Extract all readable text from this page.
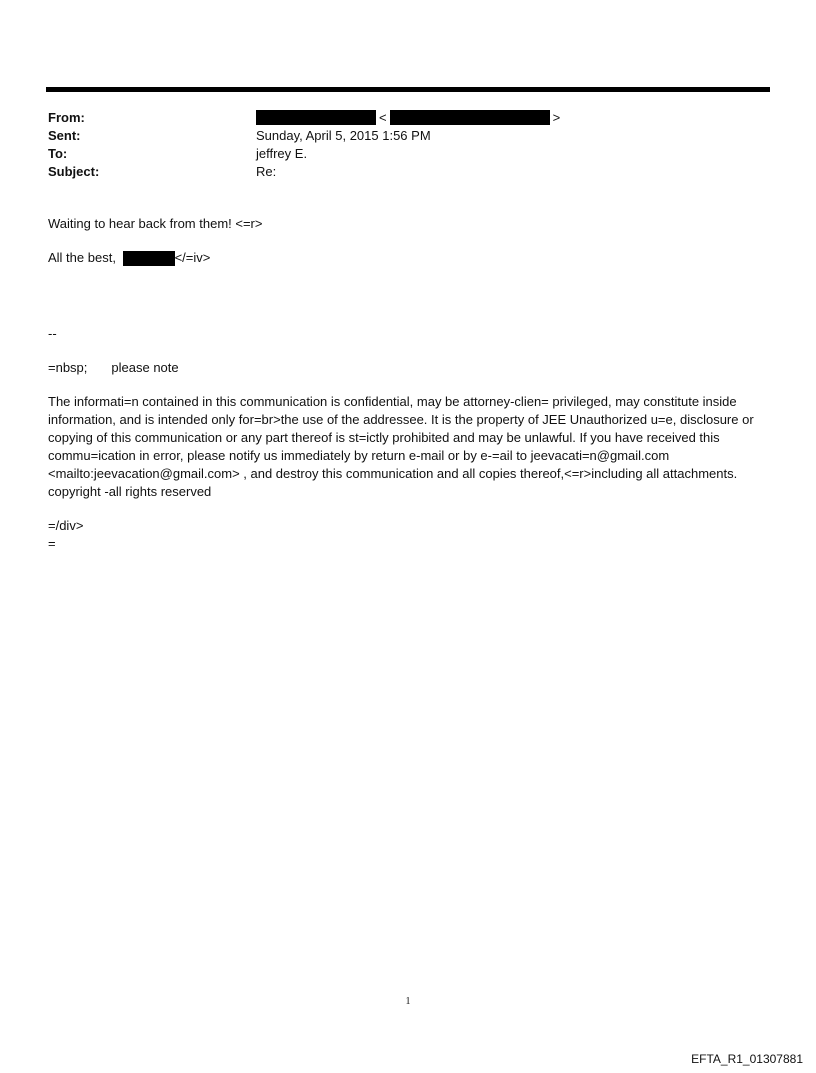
From:	<	>
Sent:	Sunday, April 5, 2015 1:56 PM
To:	jeffrey E.
Subject:	Re:

Waiting to hear back from them! <=r>

All the best,	</=iv>

--

=nbsp; please note

The informati=n contained in this communication is confidential, may be attorney-clien= privileged, may constitute inside information, and is intended only for=br>the use of the addressee. It is the property of JEE Unauthorized u=e, disclosure or copying of this communication or any part thereof is st=ictly prohibited and may be unlawful. If you have received this commu=ication in error, please notify us immediately by return e-mail or by e-=ail to jeevacati=n@gmail.com <mailto:jeevacation@gmail.com> , and destroy this communication and all copies thereof,<=r>including all attachments. copyright -all rights reserved

=/div>

=

1
EFTA_R1_01307881
